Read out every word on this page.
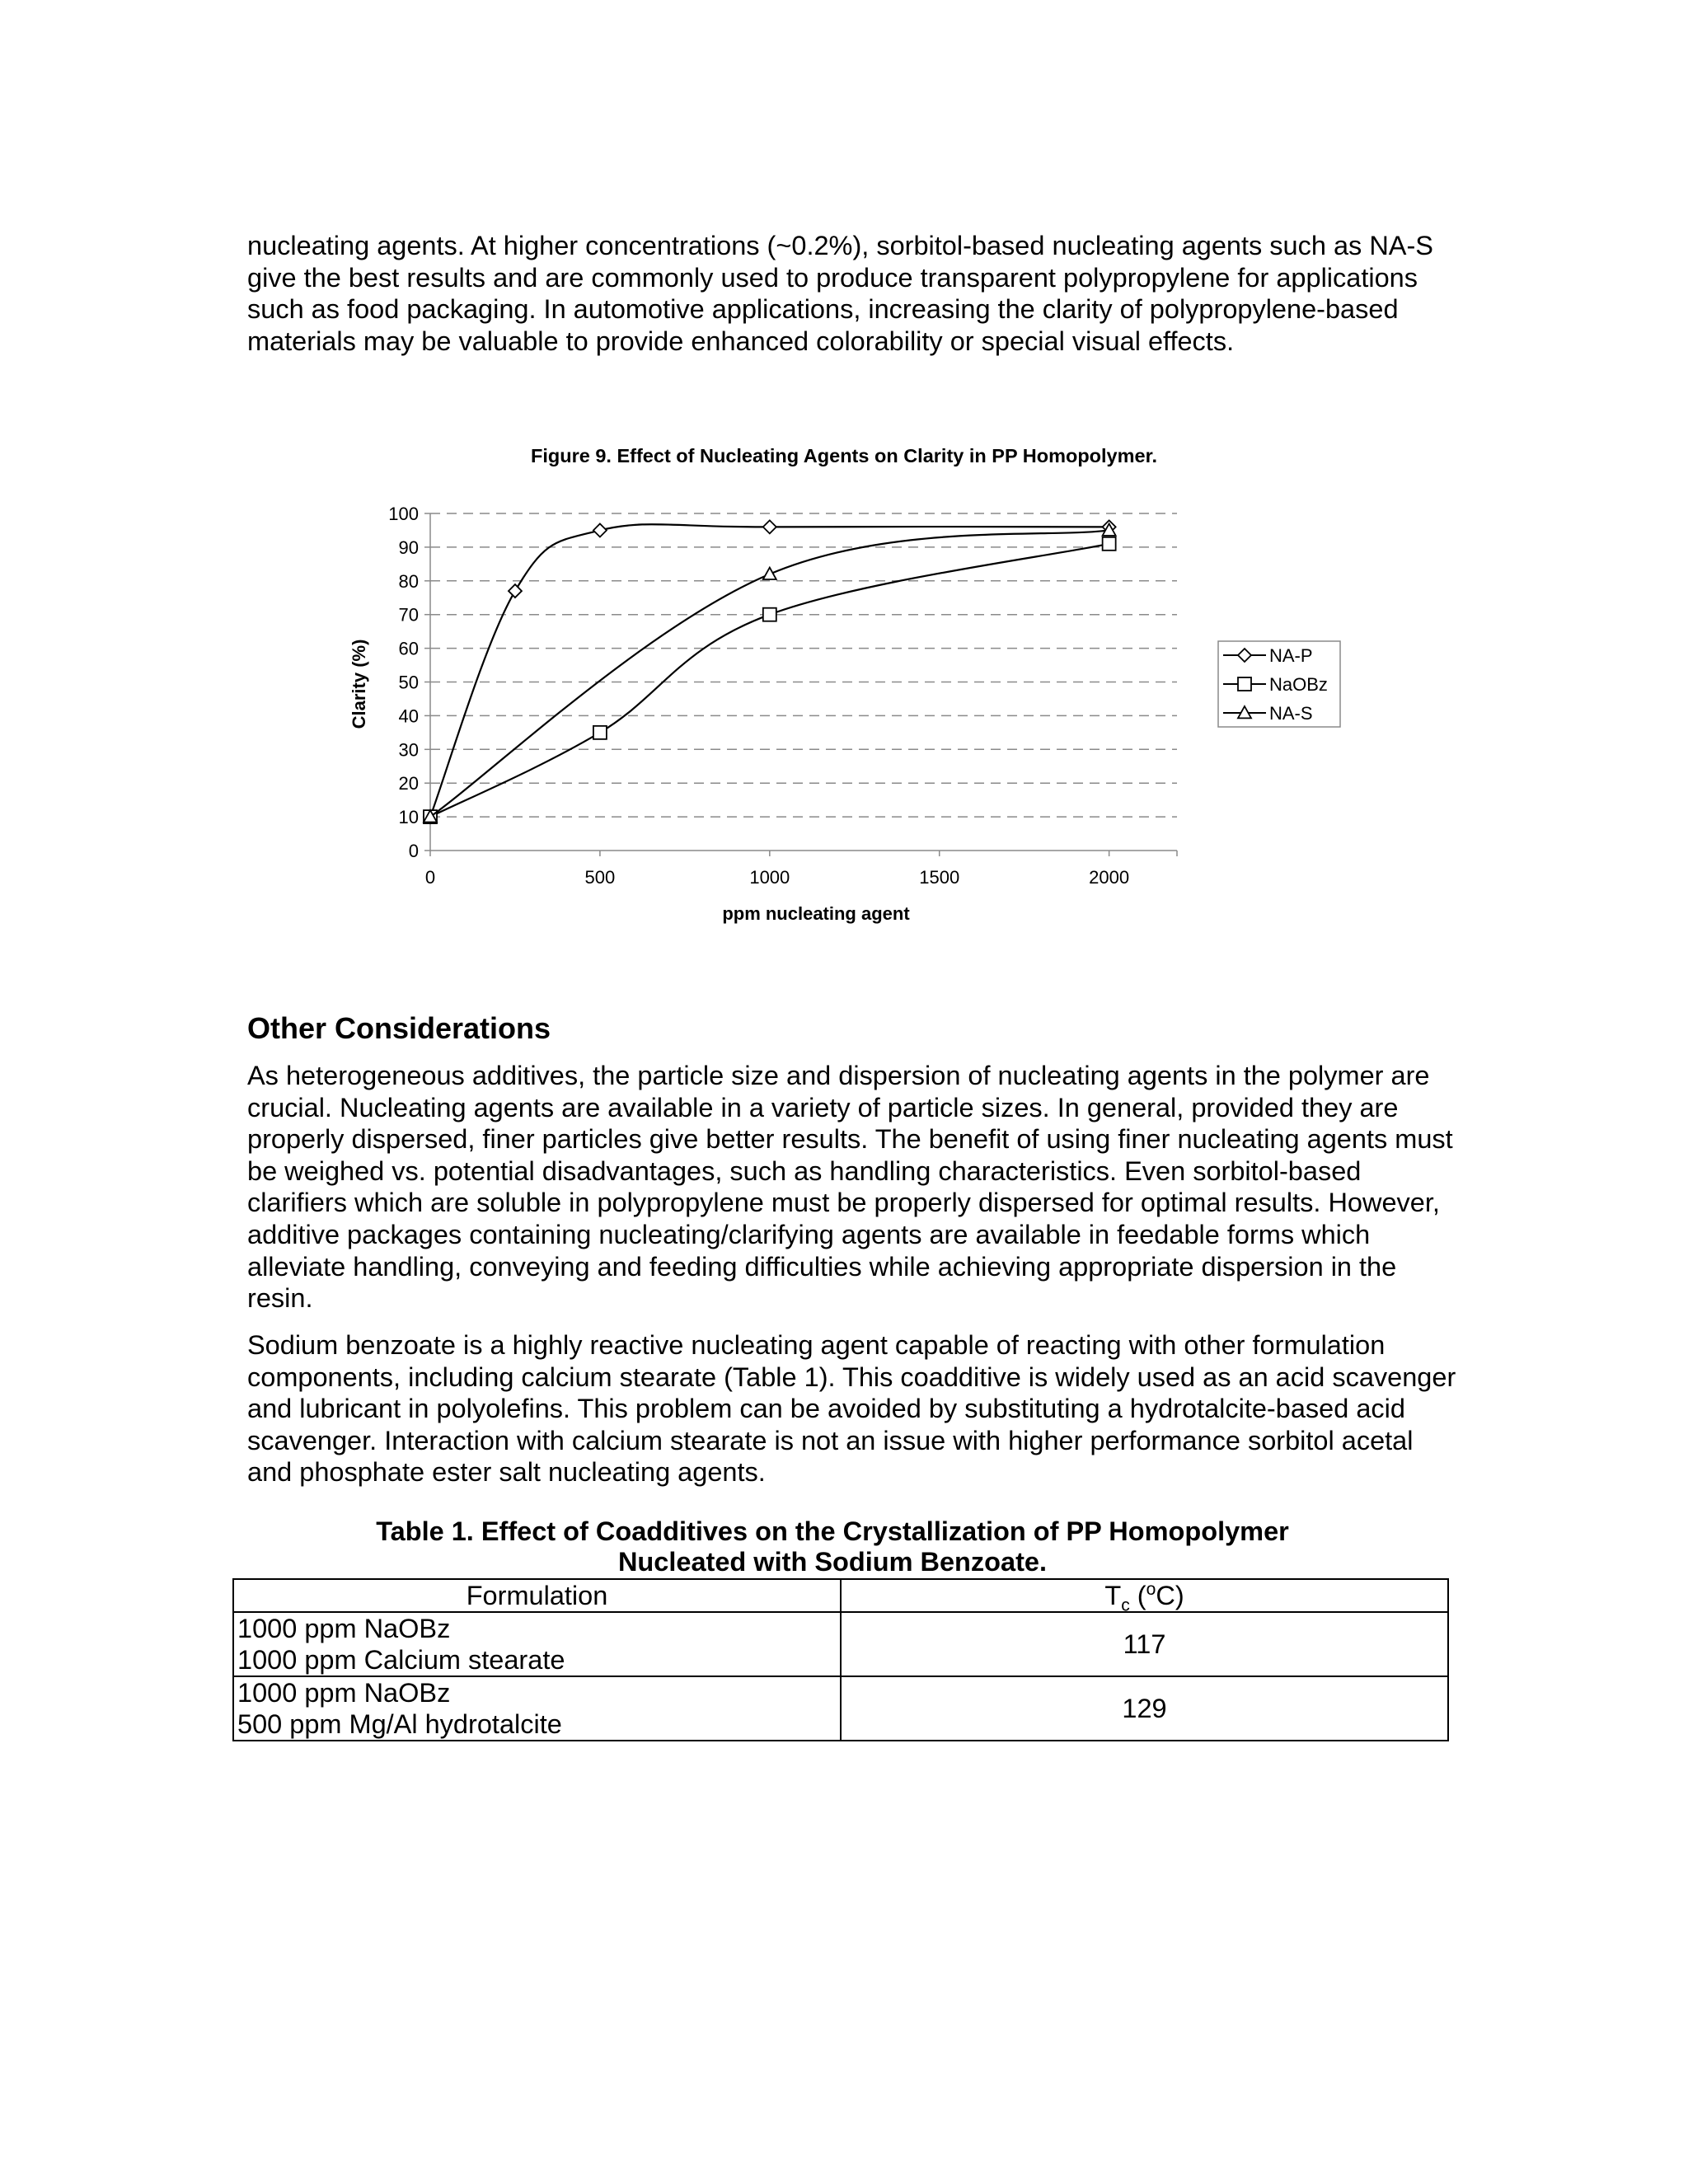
nucleating agents. At higher concentrations (~0.2%), sorbitol-based nucleating agents such as NA-S give the best results and are commonly used to produce transparent polypropylene for applications such as food packaging. In automotive applications, increasing the clarity of polypropylene-based materials may be valuable to provide enhanced colorability or special visual effects.

Figure 9. Effect of Nucleating Agents on Clarity in PP Homopolymer.
0
10
20
30
40
50
60
70
80
90
100
0	500	1000	1500	2000
NA-P
NaOBz
NA-S
Clarity (%)
ppm nucleating agent
Other Considerations

As heterogeneous additives, the particle size and dispersion of nucleating agents in the polymer are crucial. Nucleating agents are available in a variety of particle sizes. In general, provided they are properly dispersed, finer particles give better results. The benefit of using finer nucleating agents must be weighed vs. potential disadvantages, such as handling characteristics. Even sorbitol-based clarifiers which are soluble in polypropylene must be properly dispersed for optimal results. However, additive packages containing nucleating/clarifying agents are available in feedable forms which alleviate handling, conveying and feeding difficulties while achieving appropriate dispersion in the resin.

Sodium benzoate is a highly reactive nucleating agent capable of reacting with other formulation components, including calcium stearate (Table 1). This coadditive is widely used as an acid scavenger and lubricant in polyolefins. This problem can be avoided by substituting a hydrotalcite-based acid scavenger. Interaction with calcium stearate is not an issue with higher performance sorbitol acetal and phosphate ester salt nucleating agents.

Table 1. Effect of Coadditives on the Crystallization of PP Homopolymer
Nucleated with Sodium Benzoate.
Formulation	$T_c$ ($^o$C)

1000 ppm NaOBz
1000 ppm Calcium stearate	117

1000 ppm NaOBz
500 ppm Mg/Al hydrotalcite	129
